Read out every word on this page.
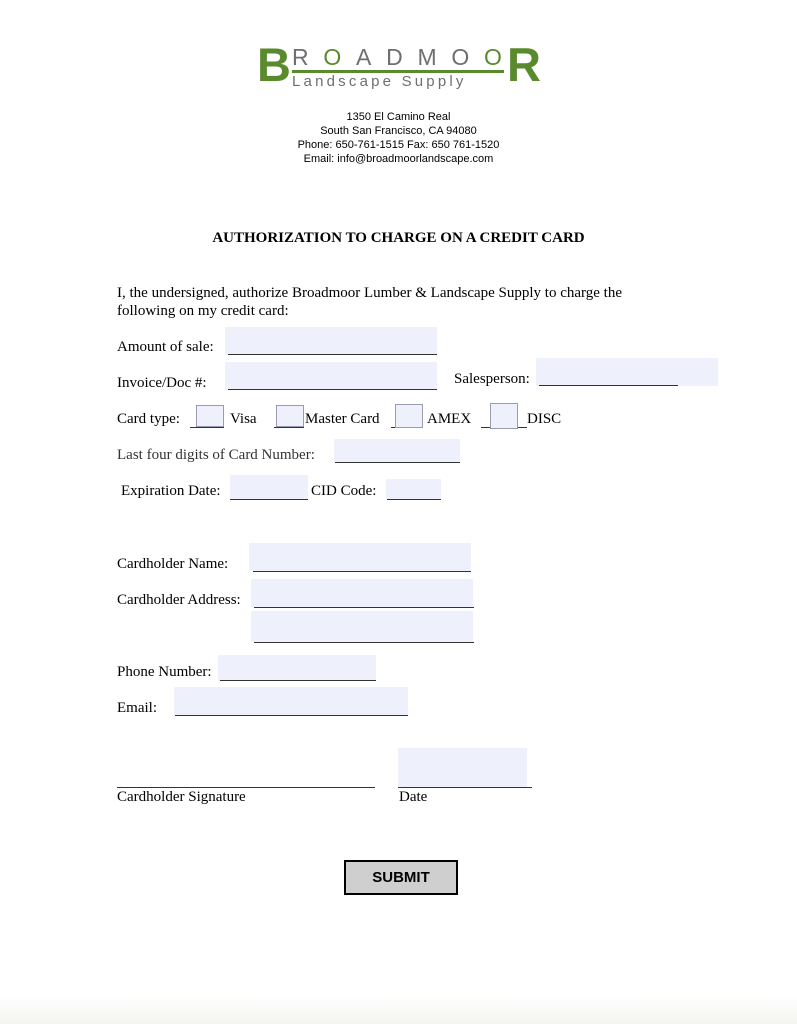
B R O A D M O O
Landscape Supply R
1350 El Camino Real
South San Francisco, CA 94080
Phone: 650-761-1515 Fax: 650 761-1520
Email: info@broadmoorlandscape.com
AUTHORIZATION TO CHARGE ON A CREDIT CARD
I, the undersigned, authorize Broadmoor Lumber & Landscape Supply to charge the
following on my credit card:
Amount of sale:
Invoice/Doc #:	Salesperson:
Card type:	Visa	Master Card	AMEX	DISC
Last four digits of Card Number:
Expiration Date:	CID Code:
Cardholder Name:
Cardholder Address:
Phone Number:
Email:
Cardholder Signature	Date
SUBMIT
